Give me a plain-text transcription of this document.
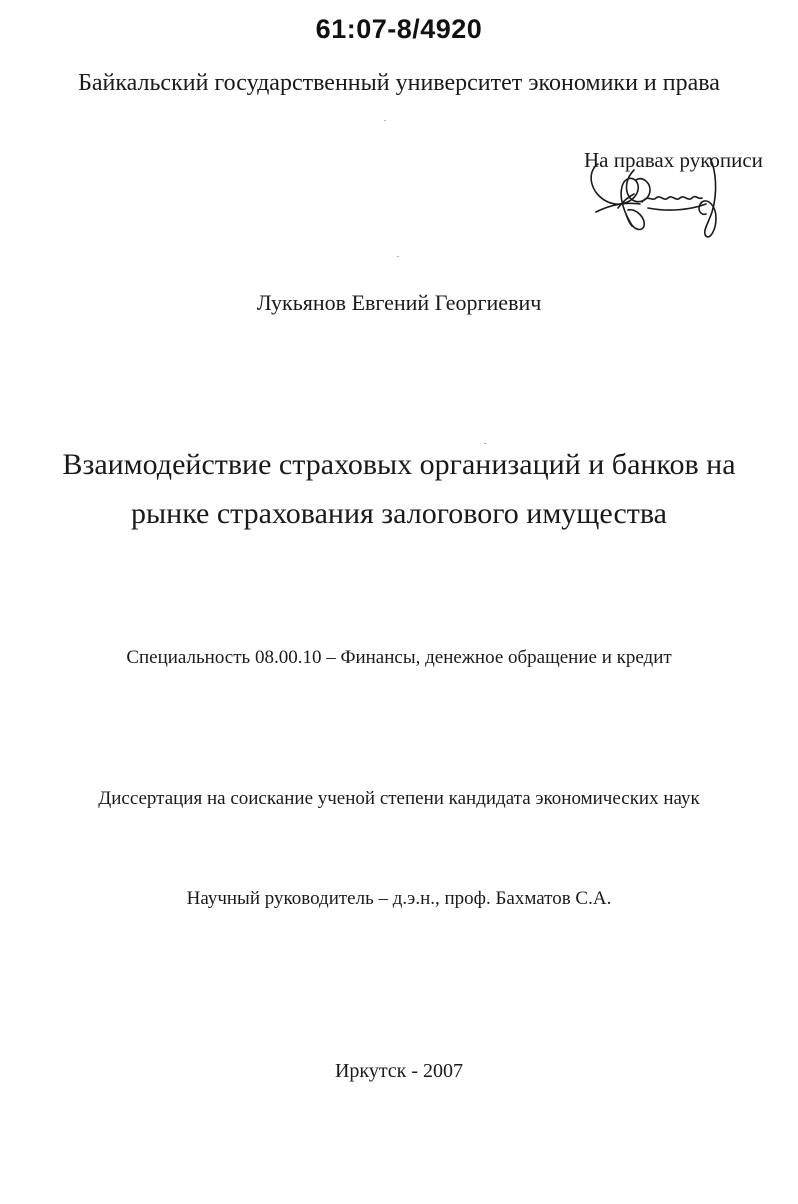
61:07-8/4920

Байкальский государственный университет экономики и права

На правах рукописи

Лукьянов Евгений Георгиевич

Взаимодействие страховых организаций и банков на

рынке страхования залогового имущества

Специальность 08.00.10 – Финансы, денежное обращение и кредит

Диссертация на соискание ученой степени кандидата экономических наук

Научный руководитель – д.э.н., проф. Бахматов С.А.

Иркутск - 2007
